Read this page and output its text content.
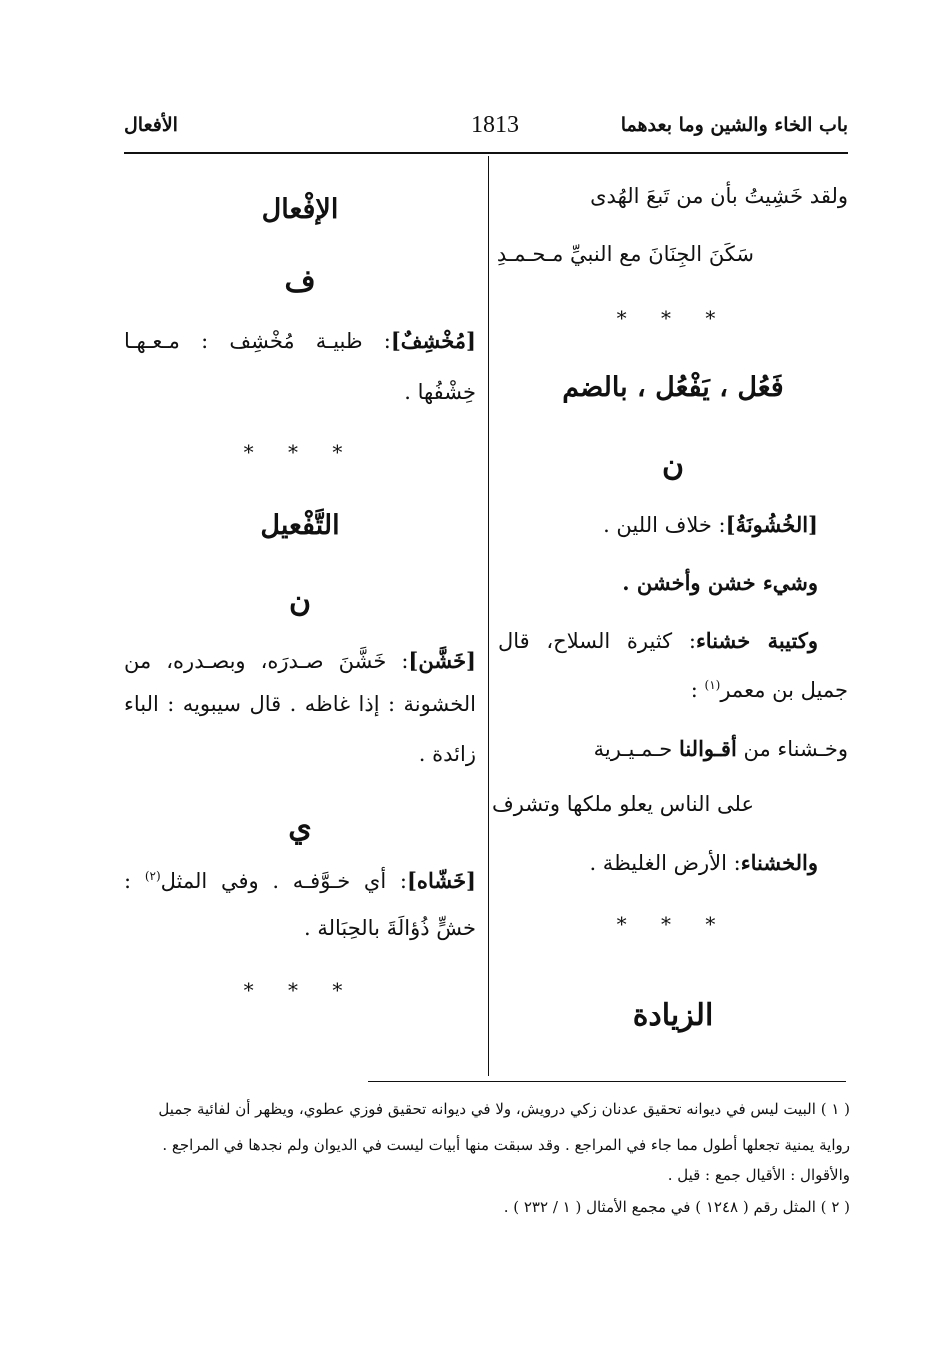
باب الخاء والشين وما بعدهما
1813
الأفعال
ولقد خَشِيتُ بأن من تَبعَ الهُدى
سَكَنَ الجِنَانَ مع النبيِّ مـحـمـدِ
* * *
فَعُل ، يَفْعُل ، بالضم
ن
[الخُشُونَةُ]: خلاف اللين .
وشيء خشن وأخشن .
وكتيبة خشناء: كثيرة السلاح، قال
جميل بن معمر$^{(١)}$ :
وخـشناء من أقـوالنا حـمـيـرية
على الناس يعلو ملكها وتشرف
والخشناء: الأرض الغليظة .
* * *
الزيادة
الإفْعال
ف
[مُخْشِفٌ]: ظبيـة مُخْشِف : مـعـهـا
خِشْفُها .
* * *
التَّفْعيل
ن
[خَشَّن]: خَشَّنَ صـدرَه، وبصـدره، من
الخشونة : إذا غاظه . قال سيبويه : الباء
زائدة .
ي
[خَشّاه]: أي خـوَّفـه . وفي المثل$^{(٢)}$ :
خشٍّ ذُؤالَةَ بالحِبَالة .
* * *
( ١ ) البيت ليس في ديوانه تحقيق عدنان زكي درويش، ولا في ديوانه تحقيق فوزي عطوي، ويظهر أن لفائية جميل
رواية يمنية تجعلها أطول مما جاء في المراجع . وقد سبقت منها أبيات ليست في الديوان ولم نجدها في المراجع .
والأقوال : الأقيال جمع : قيل .
( ٢ ) المثل رقم ( ١٢٤٨ ) في مجمع الأمثال ( ١ / ٢٣٢ ) .
